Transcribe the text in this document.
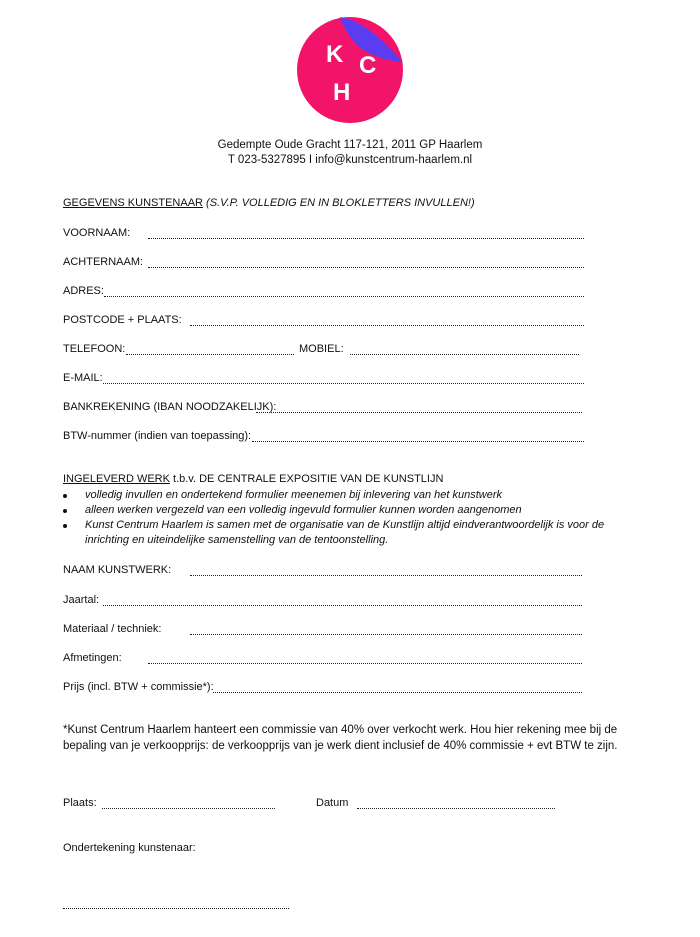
K C
H
Gedempte Oude Gracht 117-121, 2011 GP Haarlem
T 023-5327895 I info@kunstcentrum-haarlem.nl
GEGEVENS KUNSTENAAR (S.V.P. VOLLEDIG EN IN BLOKLETTERS INVULLEN!)
VOORNAAM:
ACHTERNAAM:
ADRES:
POSTCODE + PLAATS:
TELEFOON:	MOBIEL:
E-MAIL:
BANKREKENING (IBAN NOODZAKELIJK):
BTW-nummer (indien van toepassing):
INGELEVERD WERK t.b.v. DE CENTRALE EXPOSITIE VAN DE KUNSTLIJN
volledig invullen en ondertekend formulier meenemen bij inlevering van het kunstwerk
alleen werken vergezeld van een volledig ingevuld formulier kunnen worden aangenomen
Kunst Centrum Haarlem is samen met de organisatie van de Kunstlijn altijd eindverantwoordelijk is voor de
inrichting en uiteindelijke samenstelling van de tentoonstelling.
NAAM KUNSTWERK:
Jaartal:
Materiaal / techniek:
Afmetingen:
Prijs (incl. BTW + commissie*):
*Kunst Centrum Haarlem hanteert een commissie van 40% over verkocht werk. Hou hier rekening mee bij de bepaling van je verkoopprijs: de verkoopprijs van je werk dient inclusief de 40% commissie + evt BTW te zijn.
Plaats:	Datum
Ondertekening kunstenaar:
